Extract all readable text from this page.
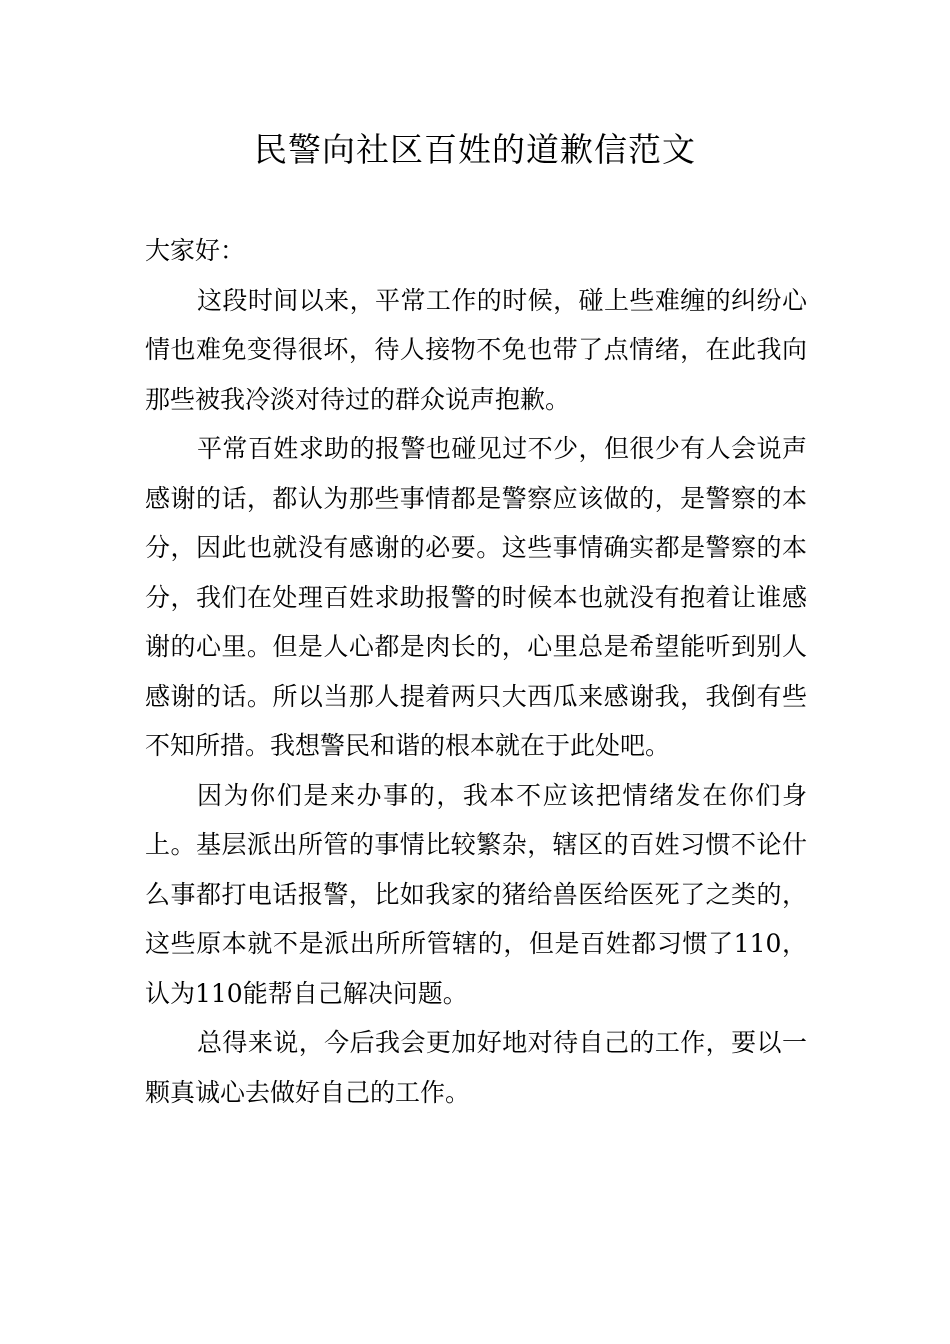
民警向社区百姓的道歉信范文

大家好：

这段时间以来，平常工作的时候，碰上些难缠的纠纷心情也难免变得很坏，待人接物不免也带了点情绪，在此我向那些被我冷淡对待过的群众说声抱歉。

平常百姓求助的报警也碰见过不少，但很少有人会说声感谢的话，都认为那些事情都是警察应该做的，是警察的本分，因此也就没有感谢的必要。这些事情确实都是警察的本分，我们在处理百姓求助报警的时候本也就没有抱着让谁感谢的心里。但是人心都是肉长的，心里总是希望能听到别人感谢的话。所以当那人提着两只大西瓜来感谢我，我倒有些不知所措。我想警民和谐的根本就在于此处吧。

因为你们是来办事的，我本不应该把情绪发在你们身上。基层派出所管的事情比较繁杂，辖区的百姓习惯不论什么事都打电话报警，比如我家的猪给兽医给医死了之类的，这些原本就不是派出所所管辖的，但是百姓都习惯了110，认为110能帮自己解决问题。

总得来说，今后我会更加好地对待自己的工作，要以一颗真诚心去做好自己的工作。
